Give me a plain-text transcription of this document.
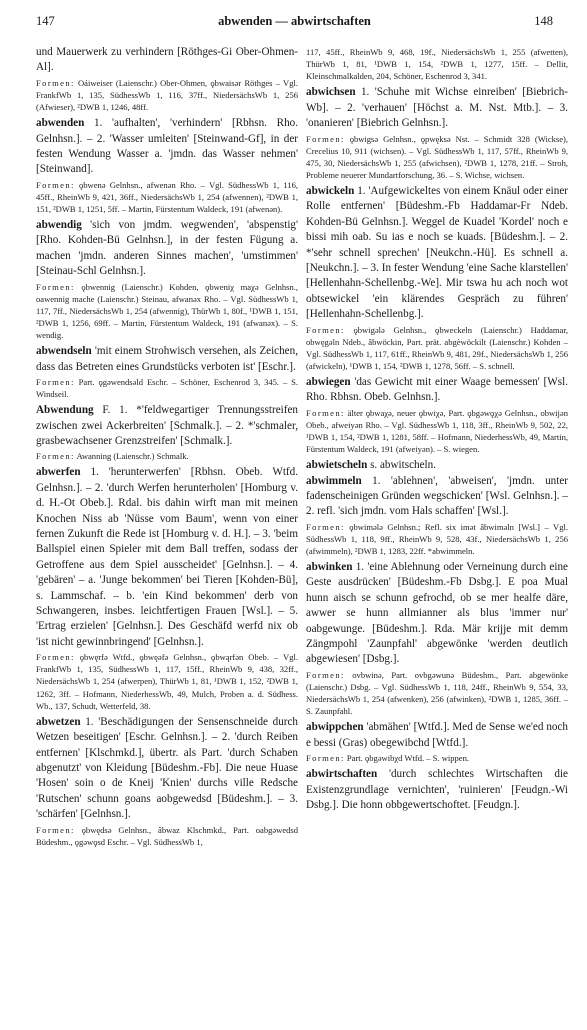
147	abwenden — abwirtschaften	148

und Mauerwerk zu verhindern [Röthges-Gi Ober-Ohmen-Al].

Formen: Oáiweiser (Laienschr.) Ober-Ohmen, ǫbwaisǝr Röthges – Vgl. FrankfWb 1, 135, SüdhessWb 1, 116, 37ff., NiedersächsWb 1, 256 (Afwieser), ²DWB 1, 1246, 48ff.

abwenden 1. 'aufhalten', 'verhindern' [Rbhsn. Rho. Gelnhsn.]. – 2. 'Wasser umleiten' [Steinwand-Gf], in der festen Wendung Wasser a. 'jmdn. das Wasser nehmen' [Steinwand].

Formen: ǫbwenǝ Gelnhsn., afwenǝn Rho. – Vgl. SüdhessWb 1, 116, 45ff., RheinWb 9, 421, 36ff., NiedersächsWb 1, 254 (afwennen), ²DWB 1, 151, ²DWB 1, 1251, 5ff. – Martin, Fürstentum Waldeck, 191 (afwenǝn).

abwendig 'sich von jmdm. wegwenden', 'abspenstig' [Rho. Kohden-Bü Gelnhsn.], in der festen Fügung a. machen 'jmdn. anderen Sinnes machen', 'umstimmen' [Steinau-Schl Gelnhsn.].

Formen: ǫbwennig (Laienschr.) Kohden, ǫbweniχ maχǝ Gelnhsn., oawennig mache (Laienschr.) Steinau, afwanǝx Rho. – Vgl. SüdhessWb 1, 117, 7ff., NiedersächsWb 1, 254 (afwennig), ThürWb 1, 80f., ¹DWB 1, 151, ²DWB 1, 1256, 69ff. – Martin, Fürstentum Waldeck, 191 (afwanǝx). – S. wendig.

abwendseln 'mit einem Strohwisch versehen, als Zeichen, dass das Betreten eines Grundstücks verboten ist' [Eschr.].

Formen: Part. ǫgǝwendsǝld Eschr. – Schöner, Eschenrod 3, 345. – S. Windseil.

Abwendung F. 1. *'feldwegartiger Trennungsstreifen zwischen zwei Ackerbreiten' [Schmalk.]. – 2. *'schmaler, grasbewachsener Grenzstreifen' [Schmalk.].

Formen: Awanning (Laienschr.) Schmalk.

abwerfen 1. 'herunterwerfen' [Rbhsn. Obeb. Wtfd. Gelnhsn.]. – 2. 'durch Werfen herunterholen' [Homburg v. d. H.-Ot Obeb.]. Rdal. bis dahin wirft man mit meinen Knochen Niss ab 'Nüsse vom Baum', wenn von einer fernen Zukunft die Rede ist [Homburg v. d. H.]. – 3. 'beim Ballspiel einen Spieler mit dem Ball treffen, sodass der Getroffene aus dem Spiel ausscheidet' [Gelnhsn.]. – 4. 'gebären' – a. 'Junge bekommen' bei Tieren [Kohden-Bü], s. Lammschaf. – b. 'ein Kind bekommen' derb von Schwangeren, insbes. leichtfertigen Frauen [Wsl.]. – 5. 'Ertrag erzielen' [Gelnhsn.]. Des Geschäfd werfd nix ob 'ist nicht gewinnbringend' [Gelnhsn.].

Formen: ǫbwęrfǝ Wtfd., ǫbwęǝfǝ Gelnhsn., ǫbwąrfǝn Obeb. – Vgl. FrankfWb 1, 135, SüdhessWb 1, 117, 15ff., RheinWb 9, 438, 32ff., NiedersächsWb 1, 254 (afwerpen), ThürWb 1, 81, ¹DWB 1, 152, ²DWB 1, 1262, 3ff. – Hofmann, NiederhessWb, 49, Mulch, Proben a. d. Südhess. Wb., 137, Schudt, Wetterfeld, 38.

abwetzen 1. 'Beschädigungen der Sensenschneide durch Wetzen beseitigen' [Eschr. Gelnhsn.]. – 2. 'durch Reiben entfernen' [Klschmkd.], übertr. als Part. 'durch Schaben abgenutzt' von Kleidung [Büdeshm.-Fb]. Die neue Huase 'Hosen' soin o de Kneij 'Knien' durchs ville Redsche 'Rutschen' schunn goans aobgewedsd [Büdeshm.]. – 3. 'schärfen' [Gelnhsn.].

Formen: ǫbwędsǝ Gelnhsn., âbwaz Klschmkd., Part. oabgǝwedsd Büdeshm., ǫgǝwǫsd Eschr. – Vgl. SüdhessWb 1,

117, 45ff., RheinWb 9, 468, 19f., NiedersächsWb 1, 255 (afwetten), ThürWb 1, 81, ¹DWB 1, 154, ²DWB 1, 1277, 15ff. – Dellit, Kleinschmalkalden, 204, Schöner, Eschenrod 3, 341.

abwichsen 1. 'Schuhe mit Wichse einreiben' [Biebrich-Wb]. – 2. 'verhauen' [Höchst a. M. Nst. Mtb.]. – 3. 'onanieren' [Biebrich Gelnhsn.].

Formen: ǫbwigsǝ Gelnhsn., ǫpwęksǝ Nst. – Schmidt 328 (Wickse), Crecelius 10, 911 (wichsen). – Vgl. SüdhessWb 1, 117, 57ff., RheinWb 9, 475, 30, NiedersächsWb 1, 255 (afwichsen), ²DWB 1, 1278, 21ff. – Stroh, Probleme neuerer Mundartforschung, 36. – S. Wichse, wichsen.

abwickeln 1. 'Aufgewickeltes von einem Knäul oder einer Rolle entfernen' [Büdeshm.-Fb Haddamar-Fr Ndeb. Kohden-Bü Gelnhsn.]. Weggel de Kuadel 'Kordel' noch e bissi mih oab. Su ias e noch se kuads. [Büdeshm.]. – 2. *'sehr schnell sprechen' [Neukchn.-Hü]. Es schnell a. [Neukchn.]. – 3. In fester Wendung 'eine Sache klarstellen' [Hellenhahn-Schellenbg.-We]. Mir tswa hu ach noch wot obtsewickel 'ein klärendes Gespräch zu führen' [Hellenhahn-Schellenbg.].

Formen: ǫbwigǝlǝ Gelnhsn., ǫbweckeln (Laienschr.) Haddamar, obwęgǝln Ndeb., âbwöckin, Part. prät. abgèwöckilt (Laienschr.) Kohden – Vgl. SüdhessWb 1, 117, 61ff., RheinWb 9, 481, 29f., NiedersächsWb 1, 256 (afwickeln), ¹DWB 1, 154, ²DWB 1, 1278, 56ff. – S. schnell.

abwiegen 'das Gewicht mit einer Waage bemessen' [Wsl. Rho. Rbhsn. Obeb. Gelnhsn.].

Formen: älter ǫbwaχǝ, neuer ǫbwiχǝ, Part. ǫbgǝwǫχǝ Gelnhsn., obwijǝn Obeb., afweiyǝn Rho. – Vgl. SüdhessWb 1, 118, 3ff., RheinWb 9, 502, 22, ¹DWB 1, 154, ²DWB 1, 1281, 58ff. – Hofmann, NiederhessWb, 49, Martin, Fürstentum Waldeck, 191 (afweiyǝn). – S. wiegen.

abwietscheln s. abwitscheln.

abwimmeln 1. 'ablehnen', 'abweisen', 'jmdn. unter fadenscheinigen Gründen wegschicken' [Wsl. Gelnhsn.]. – 2. refl. 'sich jmdn. vom Hals schaffen' [Wsl.].

Formen: ǫbwimǝlǝ Gelnhsn.; Refl. six imǝt âbwimǝln [Wsl.] – Vgl. SüdhessWb 1, 118, 9ff., RheinWb 9, 528, 43f., NiedersächsWb 1, 256 (afwimmeln), ²DWB 1, 1283, 22ff. *abwimmeln.

abwinken 1. 'eine Ablehnung oder Verneinung durch eine Geste ausdrücken' [Büdeshm.-Fb Dsbg.]. E poa Mual hunn aisch se schunn gefrochd, ob se mer healfe däre, awwer se hunn allmianner als blus 'immer nur' oabgewunge. [Büdeshm.]. Rda. Mär krijje mit demm Zängmpohl 'Zaunpfahl' abgewönke 'werden deutlich abgewiesen' [Dsbg.].

Formen: ovbwinǝ, Part. ovbgǝwunǝ Büdeshm., Part. abgewönke (Laienschr.) Dsbg. – Vgl. SüdhessWb 1, 118, 24ff., RheinWb 9, 554, 33, NiedersächsWb 1, 254 (afwenken), 256 (afwinken), ²DWB 1, 1285, 36ff. – S. Zaunpfahl.

abwippchen 'abmähen' [Wtfd.]. Med de Sense we'ed noch e bessi (Gras) obegewibchd [Wtfd.].

Formen: Part. ǫbgǝwibχd Wtfd. – S. wippen.

abwirtschaften 'durch schlechtes Wirtschaften die Existenzgrundlage vernichten', 'ruinieren' [Feudgn.-Wi Dsbg.]. Die honn obbgewertschoftet. [Feudgn.].
